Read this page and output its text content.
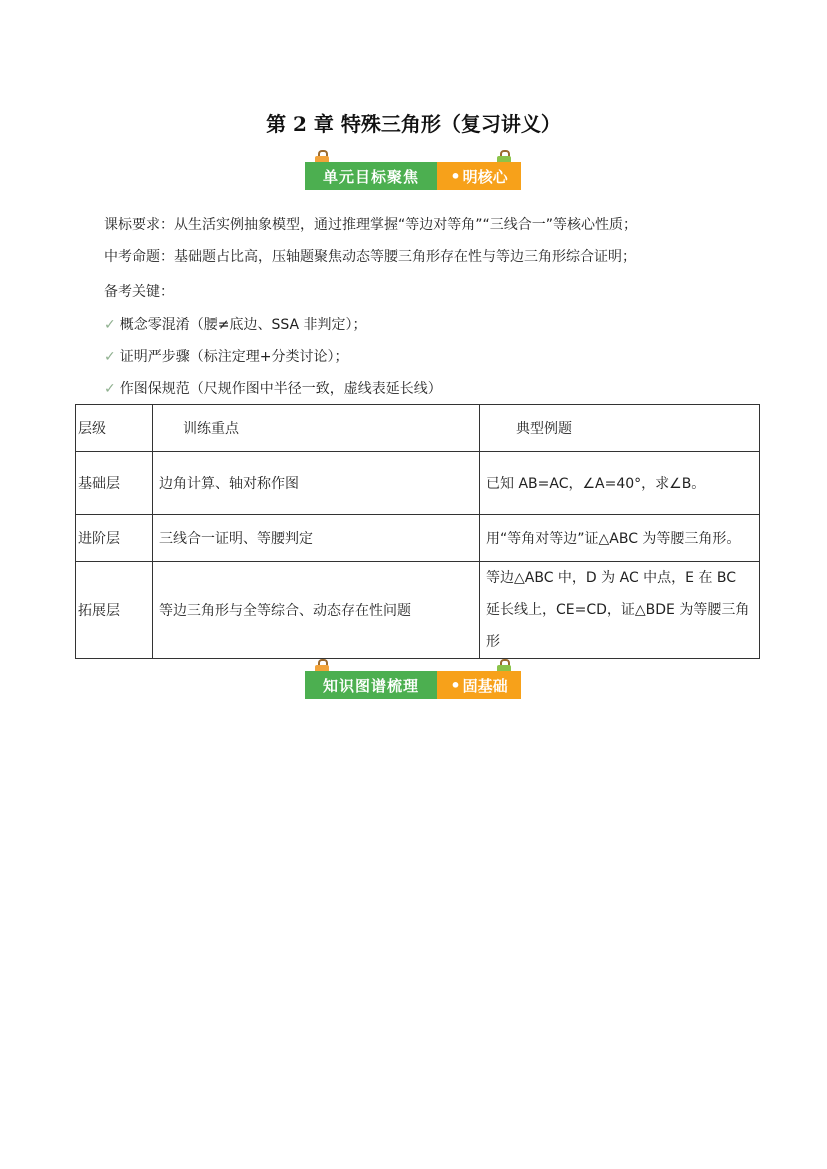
第 2 章 特殊三角形（复习讲义）
单元目标聚焦	• 明核心
课标要求：从生活实例抽象模型，通过推理掌握“等边对等角”“三线合一”等核心性质；
中考命题：基础题占比高，压轴题聚焦动态等腰三角形存在性与等边三角形综合证明；
备考关键：
✓ 概念零混淆（腰≠底边、SSA 非判定）；
✓ 证明严步骤（标注定理+分类讨论）；
✓ 作图保规范（尺规作图中半径一致，虚线表延长线）
层级	训练重点	典型例题
基础层	边角计算、轴对称作图	已知 AB=AC，∠A=40°，求∠B。
进阶层	三线合一证明、等腰判定	用“等角对等边”证△ABC 为等腰三角形。
拓展层	等边三角形与全等综合、动态存在性问题	等边△ABC 中，D 为 AC 中点，E 在 BC 延长线上，CE=CD，证△BDE 为等腰三角形
知识图谱梳理	• 固基础
